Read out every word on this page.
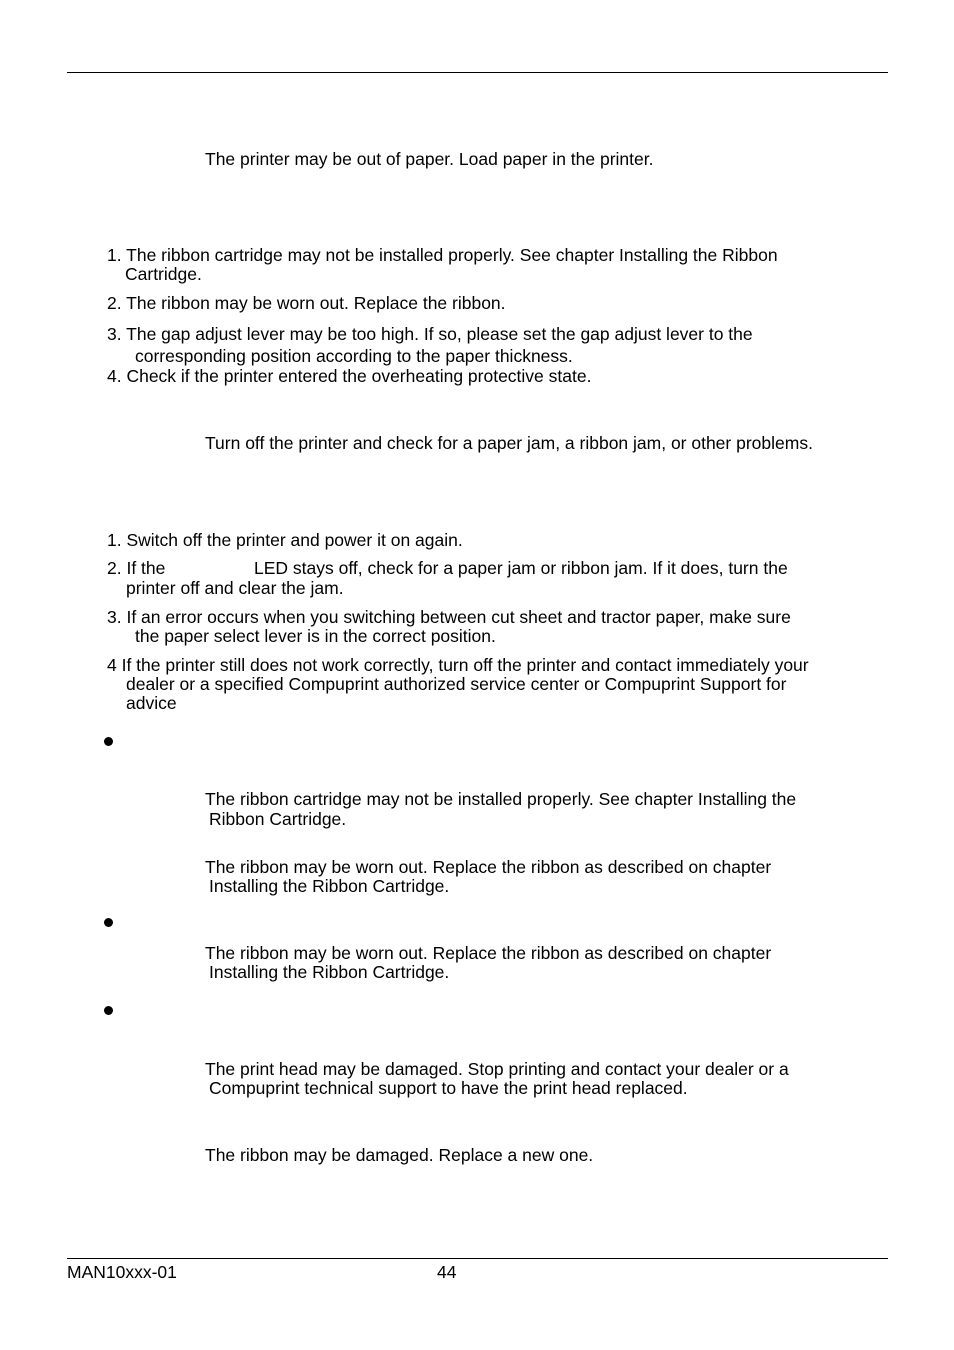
The printer may be out of paper. Load paper in the printer.
1. The ribbon cartridge may not be installed properly. See chapter Installing the Ribbon
Cartridge.
2. The ribbon may be worn out. Replace the ribbon.
3. The gap adjust lever may be too high. If so, please set the gap adjust lever to the
corresponding position according to the paper thickness.
4. Check if the printer entered the overheating protective state.
Turn off the printer and check for a paper jam, a ribbon jam, or other problems.
1. Switch off the printer and power it on again.
2. If the	LED stays off, check for a paper jam or ribbon jam. If it does, turn the
printer off and clear the jam.
3. If an error occurs when you switching between cut sheet and tractor paper, make sure
the paper select lever is in the correct position.
4 If the printer still does not work correctly, turn off the printer and contact immediately your
dealer or a specified Compuprint authorized service center or Compuprint Support for
advice
The ribbon cartridge may not be installed properly. See chapter Installing the
Ribbon Cartridge.
The ribbon may be worn out. Replace the ribbon as described on chapter
Installing the Ribbon Cartridge.
The ribbon may be worn out. Replace the ribbon as described on chapter
Installing the Ribbon Cartridge.
The print head may be damaged. Stop printing and contact your dealer or a
Compuprint technical support to have the print head replaced.
The ribbon may be damaged. Replace a new one.
MAN10xxx-01	44
